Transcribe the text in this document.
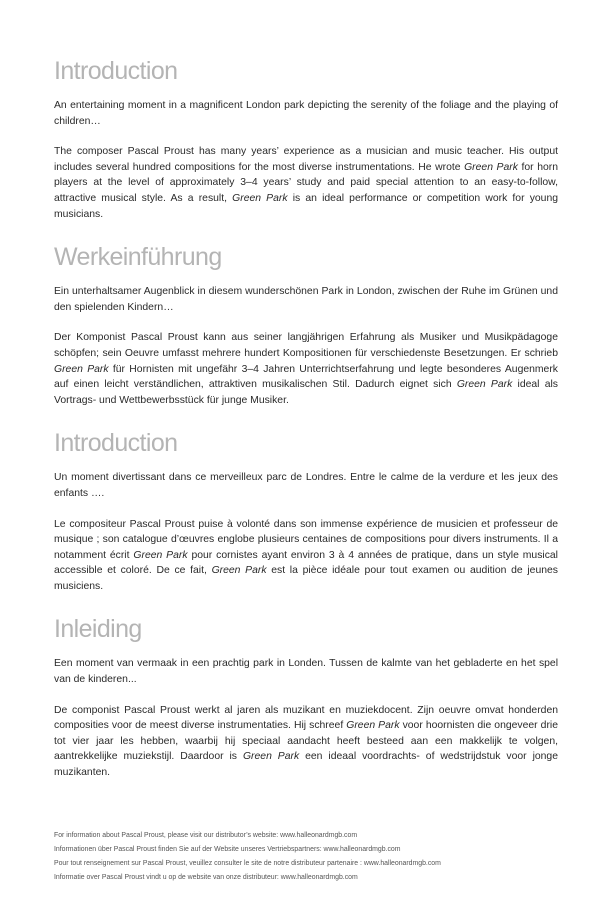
Introduction

An entertaining moment in a magnificent London park depicting the serenity of the foliage and the playing of children…

The composer Pascal Proust has many years’ experience as a musician and music teacher. His output includes several hundred compositions for the most diverse instrumentations. He wrote Green Park for horn players at the level of approximately 3–4 years’ study and paid special attention to an easy-to-follow, attractive musical style. As a result, Green Park is an ideal performance or competition work for young musicians.

Werkeinführung

Ein unterhaltsamer Augenblick in diesem wunderschönen Park in London, zwischen der Ruhe im Grünen und den spielenden Kindern…

Der Komponist Pascal Proust kann aus seiner langjährigen Erfahrung als Musiker und Musikpädagoge schöpfen; sein Oeuvre umfasst mehrere hundert Kompositionen für verschiedenste Besetzungen. Er schrieb Green Park für Hornisten mit ungefähr 3–4 Jahren Unterrichtserfahrung und legte besonderes Augenmerk auf einen leicht verständlichen, attraktiven musikalischen Stil. Dadurch eignet sich Green Park ideal als Vortrags- und Wettbewerbsstück für junge Musiker.

Introduction

Un moment divertissant dans ce merveilleux parc de Londres. Entre le calme de la verdure et les jeux des enfants ….

Le compositeur Pascal Proust puise à volonté dans son immense expérience de musicien et professeur de musique ; son catalogue d’œuvres englobe plusieurs centaines de compositions pour divers instruments. Il a notamment écrit Green Park pour cornistes ayant environ 3 à 4 années de pratique, dans un style musical accessible et coloré. De ce fait, Green Park est la pièce idéale pour tout examen ou audition de jeunes musiciens.

Inleiding

Een moment van vermaak in een prachtig park in Londen. Tussen de kalmte van het gebladerte en het spel van de kinderen...

De componist Pascal Proust werkt al jaren als muzikant en muziekdocent. Zijn oeuvre omvat honderden composities voor de meest diverse instrumentaties. Hij schreef Green Park voor hoornisten die ongeveer drie tot vier jaar les hebben, waarbij hij speciaal aandacht heeft besteed aan een makkelijk te volgen, aantrekkelijke muziekstijl. Daardoor is Green Park een ideaal voordrachts- of wedstrijdstuk voor jonge muzikanten.

For information about Pascal Proust, please visit our distributor’s website: www.halleonardmgb.com
Informationen über Pascal Proust finden Sie auf der Website unseres Vertriebspartners: www.halleonardmgb.com
Pour tout renseignement sur Pascal Proust, veuillez consulter le site de notre distributeur partenaire : www.halleonardmgb.com
Informatie over Pascal Proust vindt u op de website van onze distributeur: www.halleonardmgb.com
